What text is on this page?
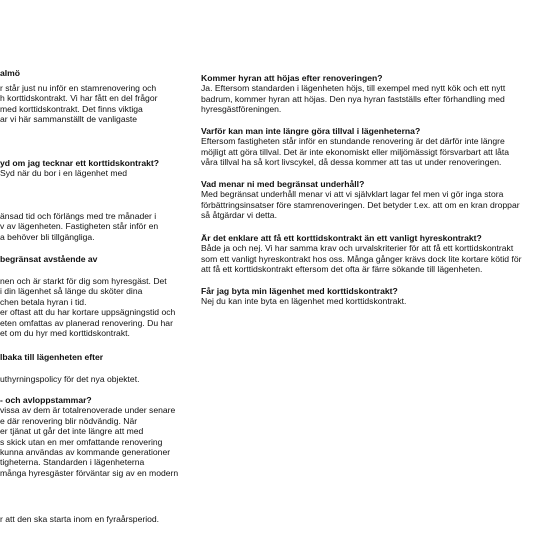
almö
r står just nu inför en stamrenovering och
h korttidskontrakt. Vi har fått en del frågor
med korttidskontrakt. Det finns viktiga
ar vi här sammanställt de vanligaste
yd om jag tecknar ett korttidskontrakt?
Syd när du bor i en lägenhet med
änsad tid och förlängs med tre månader i
v av lägenheten. Fastigheten står inför en
a behöver bli tillgängliga.
begränsat avstående av
nen och är starkt för dig som hyresgäst. Det
i din lägenhet så länge du sköter dina
chen betala hyran i tid.
er oftast att du har kortare uppsägningstid och
eten omfattas av planerad renovering. Du har
et om du hyr med korttidskontrakt.
lbaka till lägenheten efter
uthyrningspolicy för det nya objektet.
- och avloppstammar?
vissa av dem är totalrenoverade under senare
e där renovering blir nödvändig. När
er tjänat ut går det inte längre att med
s skick utan en mer omfattande renovering
kunna användas av kommande generationer
tigheterna. Standarden i lägenheterna
många hyresgäster förväntar sig av en modern
r att den ska starta inom en fyraårsperiod.
Kommer hyran att höjas efter renoveringen?
Ja. Eftersom standarden i lägenheten höjs, till exempel med nytt kök och ett nytt
badrum, kommer hyran att höjas. Den nya hyran fastställs efter förhandling med
hyresgästföreningen.
Varför kan man inte längre göra tillval i lägenheterna?
Eftersom fastigheten står inför en stundande renovering är det därför inte längre
möjligt att göra tillval. Det är inte ekonomiskt eller miljömässigt försvarbart att låta
våra tillval ha så kort livscykel, då dessa kommer att tas ut under renoveringen.
Vad menar ni med begränsat underhåll?
Med begränsat underhåll menar vi att vi självklart lagar fel men vi gör inga stora
förbättringsinsatser före stamrenoveringen. Det betyder t.ex. att om en kran droppar
så åtgärdar vi detta.
Är det enklare att få ett korttidskontrakt än ett vanligt hyreskontrakt?
Både ja och nej. Vi har samma krav och urvalskriterier för att få ett korttidskontrakt
som ett vanligt hyreskontrakt hos oss. Många gånger krävs dock lite kortare kötid för
att få ett korttidskontrakt eftersom det ofta är färre sökande till lägenheten.
Får jag byta min lägenhet med korttidskontrakt?
Nej du kan inte byta en lägenhet med korttidskontrakt.
